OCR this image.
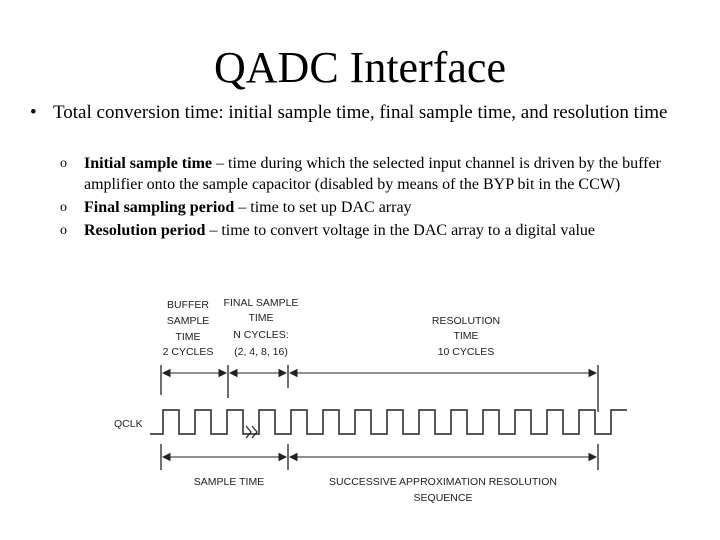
QADC Interface
• Total conversion time: initial sample time, final sample time, and resolution time
o Initial sample time – time during which the selected input channel is driven by the buffer amplifier onto the sample capacitor (disabled by means of the BYP bit in the CCW)
o Final sampling period – time to set up DAC array
o Resolution period – time to convert voltage in the DAC array to a digital value
BUFFER
SAMPLE
TIME
2 CYCLES
FINAL SAMPLE
TIME
N CYCLES:
(2, 4, 8, 16)
RESOLUTION
TIME
10 CYCLES
QCLK
SAMPLE TIME	SUCCESSIVE APPROXIMATION RESOLUTION
SEQUENCE
